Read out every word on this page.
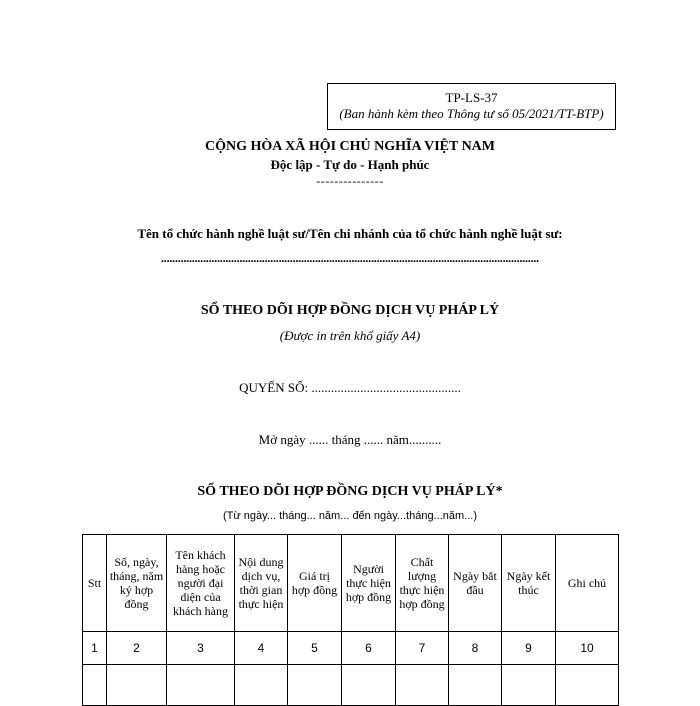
TP-LS-37
(Ban hành kèm theo Thông tư số 05/2021/TT-BTP)
CỘNG HÒA XÃ HỘI CHỦ NGHĨA VIỆT NAM
Độc lập - Tự do - Hạnh phúc
---------------
Tên tổ chức hành nghề luật sư/Tên chi nhánh của tổ chức hành nghề luật sư:
.......................................................................................................................................
SỔ THEO DÕI HỢP ĐỒNG DỊCH VỤ PHÁP LÝ
(Được in trên khổ giấy A4)
QUYỂN SỐ: ..............................................
Mở ngày ...... tháng ...... năm..........
SỔ THEO DÕI HỢP ĐỒNG DỊCH VỤ PHÁP LÝ*
(Từ ngày... tháng... năm... đến ngày...tháng...năm...)
Stt	Số, ngày, tháng, năm ký hợp đồng	Tên khách hàng hoặc người đại diện của khách hàng	Nội dung dịch vụ, thời gian thực hiện	Giá trị hợp đồng	Người thực hiện hợp đồng	Chất lượng thực hiện hợp đồng	Ngày bắt đầu	Ngày kết thúc	Ghi chú
1	2	3	4	5	6	7	8	9	10
